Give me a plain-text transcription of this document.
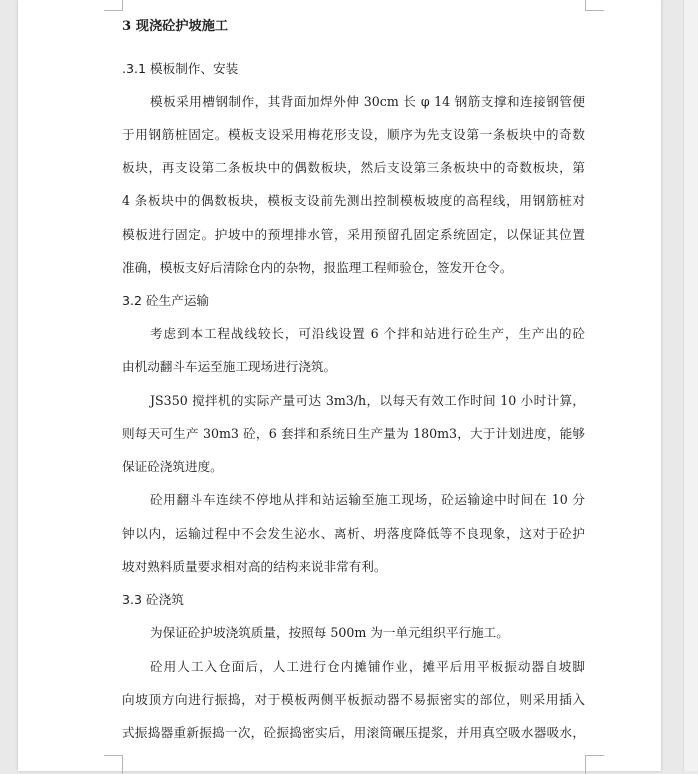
3 现浇砼护坡施工
.3.1 模板制作、安装
模板采用槽钢制作，其背面加焊外伸 30cm 长 φ 14 钢筋支撑和连接钢管便
于用钢筋桩固定。模板支设采用梅花形支设，顺序为先支设第一条板块中的奇数
板块，再支设第二条板块中的偶数板块，然后支设第三条板块中的奇数板块，第
4 条板块中的偶数板块，模板支设前先测出控制模板坡度的高程线，用钢筋桩对
模板进行固定。护坡中的预埋排水管，采用预留孔固定系统固定，以保证其位置
准确，模板支好后清除仓内的杂物，报监理工程师验仓，签发开仓令。
3.2 砼生产运输
考虑到本工程战线较长，可沿线设置 6 个拌和站进行砼生产，生产出的砼
由机动翻斗车运至施工现场进行浇筑。
JS350 搅拌机的实际产量可达 3m3/h，以每天有效工作时间 10 小时计算，
则每天可生产 30m3 砼，6 套拌和系统日生产量为 180m3，大于计划进度，能够
保证砼浇筑进度。
砼用翻斗车连续不停地从拌和站运输至施工现场，砼运输途中时间在 10 分
钟以内，运输过程中不会发生泌水、离析、坍落度降低等不良现象，这对于砼护
坡对熟料质量要求相对高的结构来说非常有利。
3.3 砼浇筑
为保证砼护坡浇筑质量，按照每 500m 为一单元组织平行施工。
砼用人工入仓面后，人工进行仓内摊铺作业，摊平后用平板振动器自坡脚
向坡顶方向进行振捣，对于模板两侧平板振动器不易振密实的部位，则采用插入
式振捣器重新振捣一次，砼振捣密实后，用滚筒碾压提浆，并用真空吸水器吸水，
